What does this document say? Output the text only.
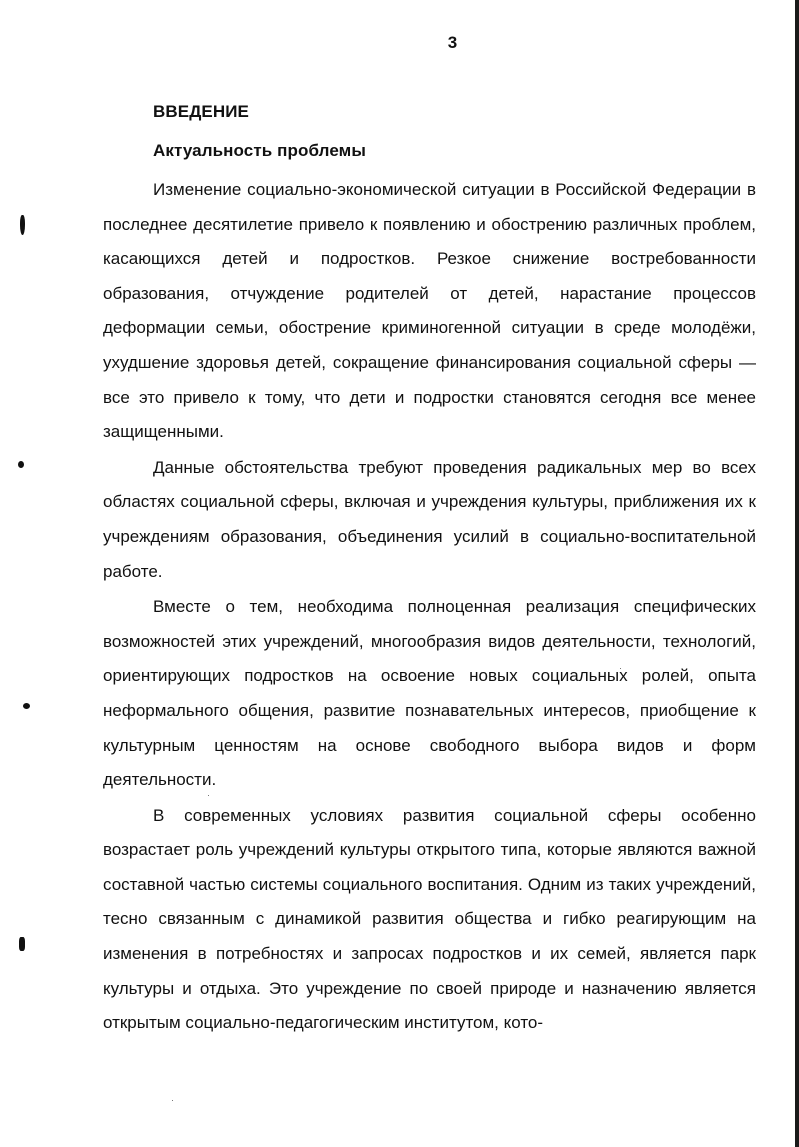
3
ВВЕДЕНИЕ
Актуальность проблемы

Изменение социально-экономической ситуации в Российской Федерации в последнее десятилетие привело к появлению и обострению различных проблем, касающихся детей и подростков. Резкое снижение востребованности образования, отчуждение родителей от детей, нарастание процессов деформации семьи, обострение криминогенной ситуации в среде молодёжи, ухудшение здоровья детей, сокращение финансирования социальной сферы — все это привело к тому, что дети и подростки становятся сегодня все менее защищенными.

Данные обстоятельства требуют проведения радикальных мер во всех областях социальной сферы, включая и учреждения культуры, приближения их к учреждениям образования, объединения усилий в социально-воспитательной работе.

Вместе о тем, необходима полноценная реализация специфических возможностей этих учреждений, многообразия видов деятельности, технологий, ориентирующих подростков на освоение новых социальных ролей, опыта неформального общения, развитие познавательных интересов, приобщение к культурным ценностям на основе свободного выбора видов и форм деятельности.

В современных условиях развития социальной сферы особенно возрастает роль учреждений культуры открытого типа, которые являются важной составной частью системы социального воспитания. Одним из таких учреждений, тесно связанным с динамикой развития общества и гибко реагирующим на изменения в потребностях и запросах подростков и их семей, является парк культуры и отдыха. Это учреждение по своей природе и назначению является открытым социально-педагогическим институтом, кото-
